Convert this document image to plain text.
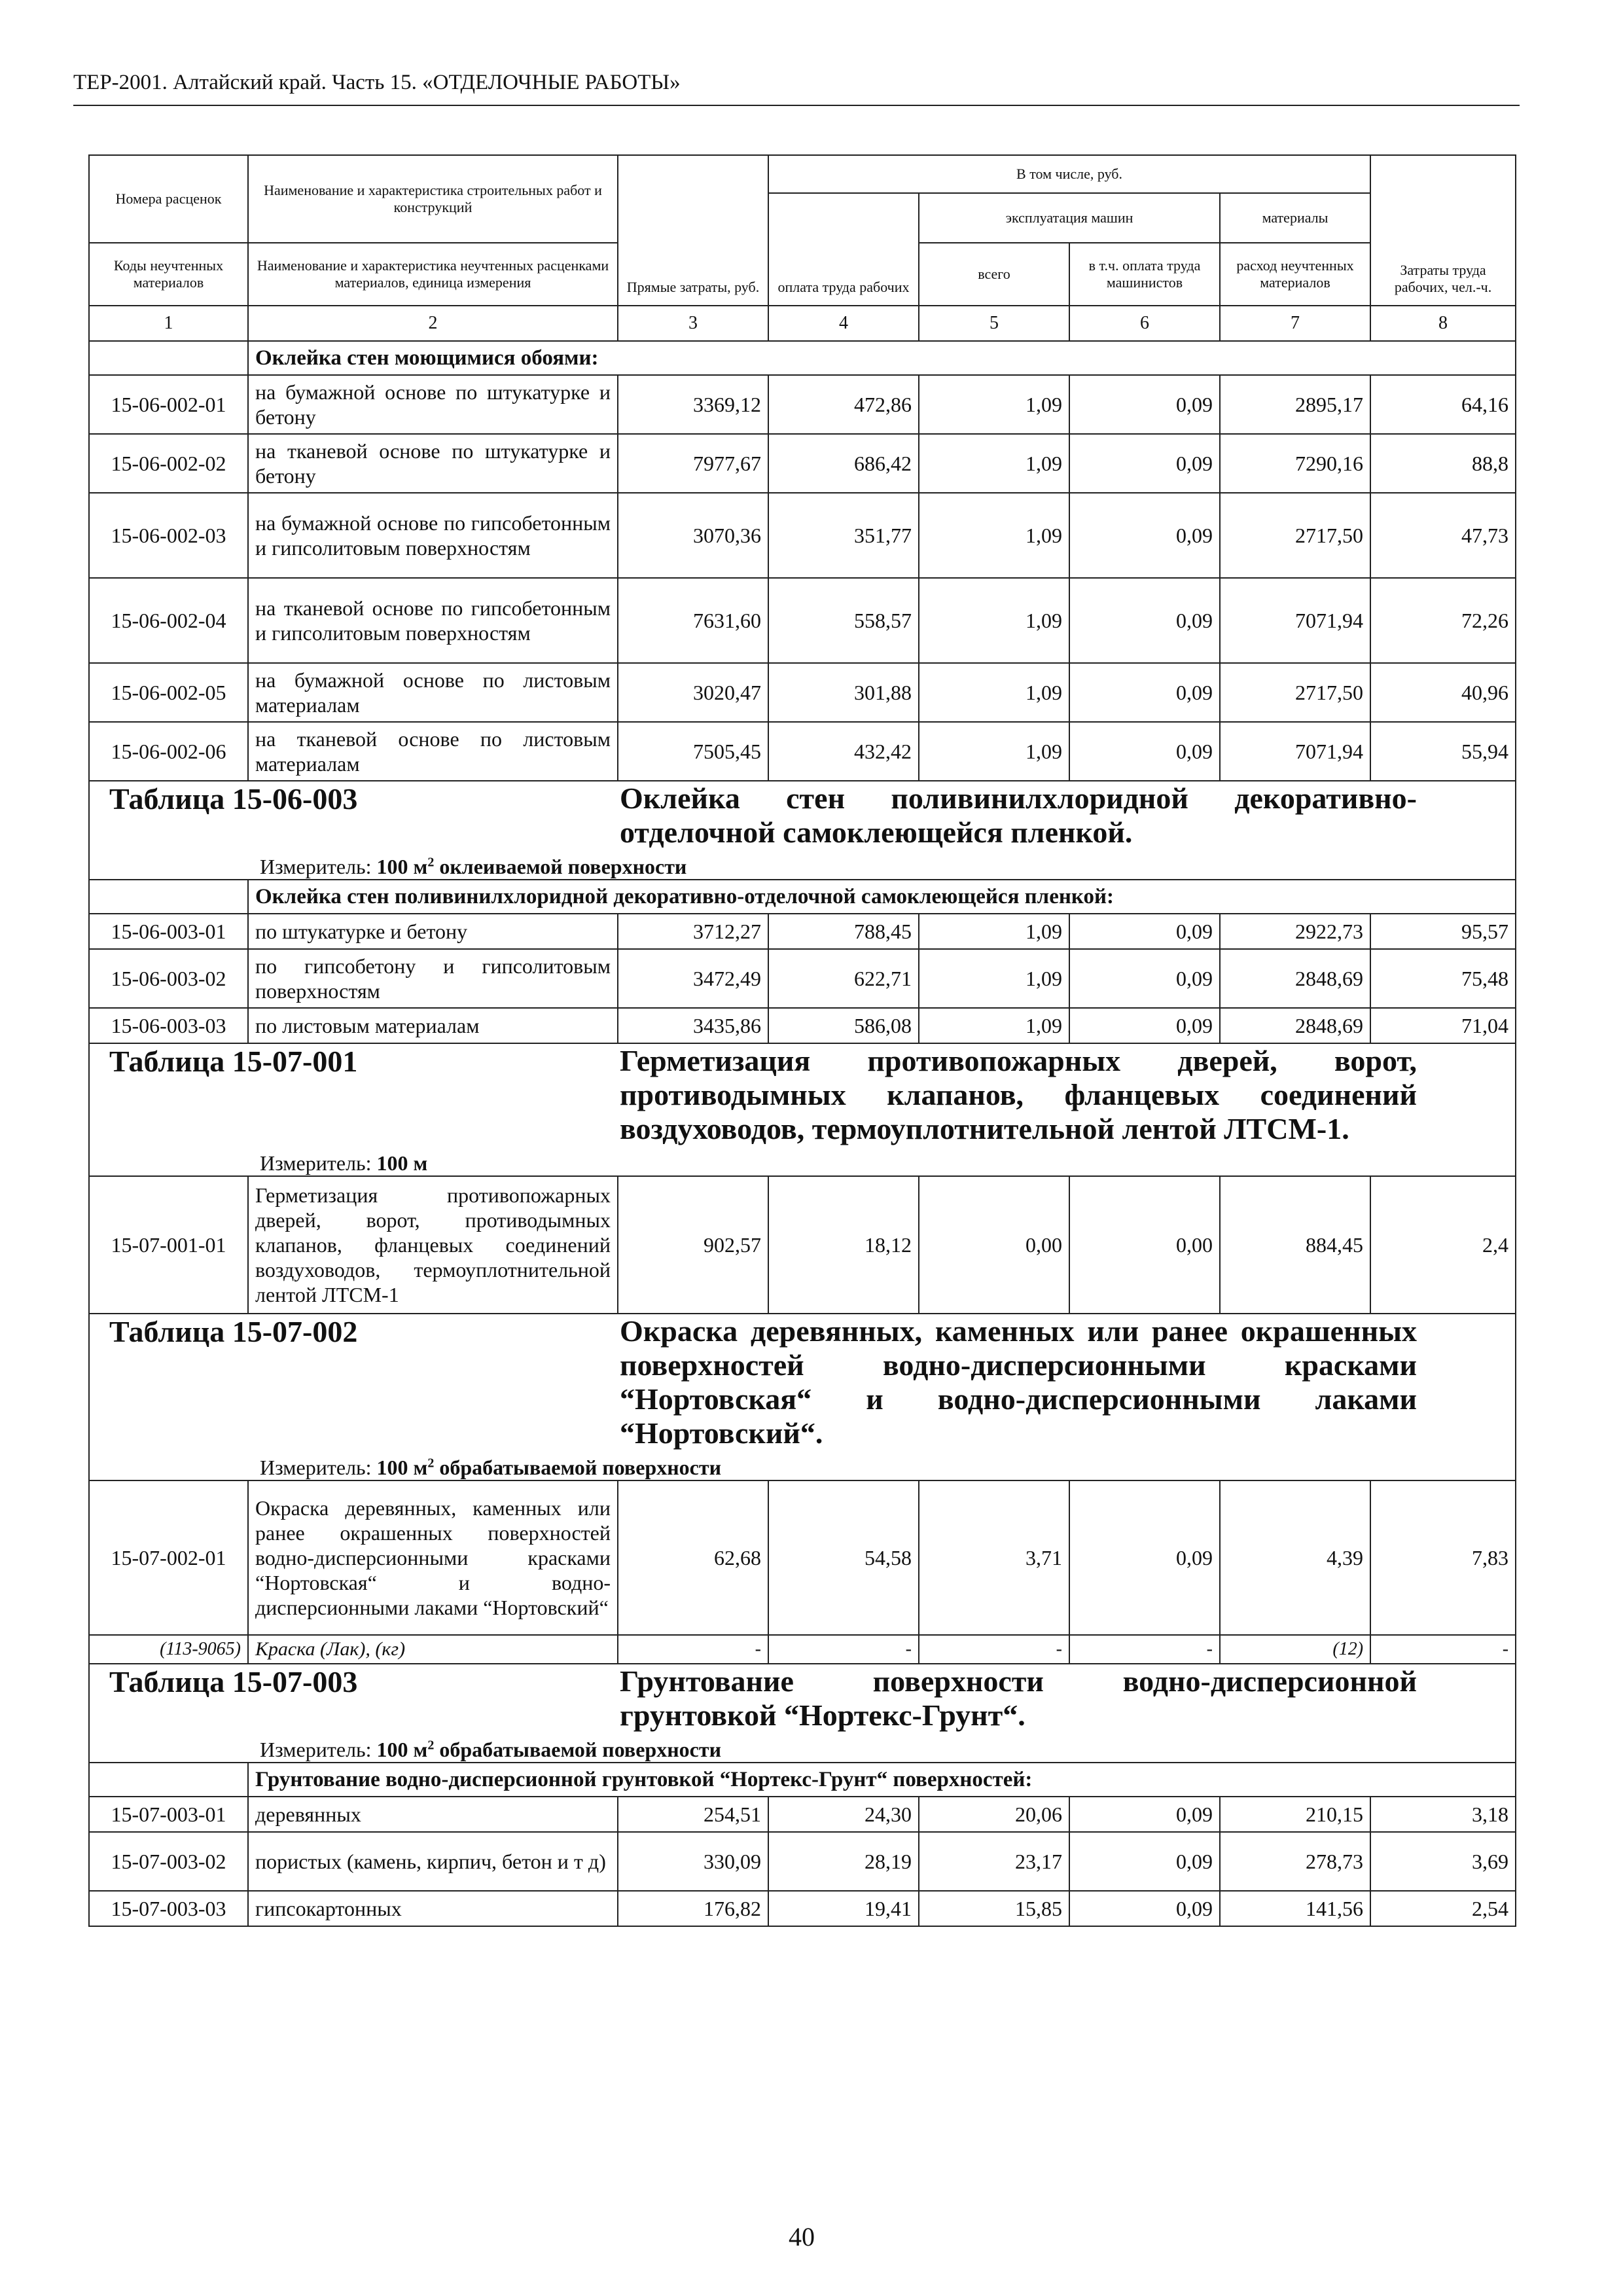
ТЕР-2001. Алтайский край. Часть 15. «ОТДЕЛОЧНЫЕ РАБОТЫ»
Номера расценок	Наименование и характеристика строительных работ и конструкций	Прямые затраты, руб.	В том числе, руб.				Затраты труда рабочих, чел.-ч.
			оплата труда рабочих	эксплуатация машин		материалы	
Коды неучтенных материалов	Наименование и характеристика неучтенных расценками материалов, единица измерения			всего	в т.ч. оплата труда машинистов	расход неучтенных материалов	
1	2	3	4	5	6	7	8
	Оклейка стен моющимися обоями:						
15-06-002-01	на бумажной основе по штукатурке и бетону	3369,12	472,86	1,09	0,09	2895,17	64,16
15-06-002-02	на тканевой основе по штукатурке и бетону	7977,67	686,42	1,09	0,09	7290,16	88,8
15-06-002-03	на бумажной основе по гипсобетонным и гипсолитовым поверхностям	3070,36	351,77	1,09	0,09	2717,50	47,73
15-06-002-04	на тканевой основе по гипсобетонным и гипсолитовым поверхностям	7631,60	558,57	1,09	0,09	7071,94	72,26
15-06-002-05	на бумажной основе по листовым материалам	3020,47	301,88	1,09	0,09	2717,50	40,96
15-06-002-06	на тканевой основе по листовым материалам	7505,45	432,42	1,09	0,09	7071,94	55,94

Таблица 15-06-003 Оклейка стен поливинилхлоридной декоративно-отделочной самоклеющейся пленкой.
Измеритель: 100 $м^2$ оклеиваемой поверхности							

	Оклейка стен поливинилхлоридной декоративно-отделочной самоклеющейся пленкой:						
15-06-003-01	по штукатурке и бетону	3712,27	788,45	1,09	0,09	2922,73	95,57
15-06-003-02	по гипсобетону и гипсолитовым поверхностям	3472,49	622,71	1,09	0,09	2848,69	75,48
15-06-003-03	по листовым материалам	3435,86	586,08	1,09	0,09	2848,69	71,04

Таблица 15-07-001 Герметизация противопожарных дверей, ворот, противодымных клапанов, фланцевых соединений воздуховодов, термоуплотнительной лентой ЛТСМ-1.
Измеритель: 100 м							

15-07-001-01	Герметизация противопожарных дверей, ворот, противодымных клапанов, фланцевых соединений воздуховодов, термоуплотнительной лентой ЛТСМ-1	902,57	18,12	0,00	0,00	884,45	2,4

Таблица 15-07-002 Окраска деревянных, каменных или ранее окрашенных поверхностей водно-дисперсионными красками “Нортовская“ и водно-дисперсионными лаками “Нортовский“.
Измеритель: 100 $м^2$ обрабатываемой поверхности							

15-07-002-01	Окраска деревянных, каменных или ранее окрашенных поверхностей водно-дисперсионными красками “Нортовская“ и водно-дисперсионными лаками “Нортовский“	62,68	54,58	3,71	0,09	4,39	7,83
(113-9065)	Краска (Лак), (кг)	-	-	-	-	(12)	-

Таблица 15-07-003 Грунтование поверхности водно-дисперсионной грунтовкой “Нортекс-Грунт“.
Измеритель: 100 $м^2$ обрабатываемой поверхности							

	Грунтование водно-дисперсионной грунтовкой “Нортекс-Грунт“ поверхностей:						
15-07-003-01	деревянных	254,51	24,30	20,06	0,09	210,15	3,18
15-07-003-02	пористых (камень, кирпич, бетон и т д)	330,09	28,19	23,17	0,09	278,73	3,69
15-07-003-03	гипсокартонных	176,82	19,41	15,85	0,09	141,56	2,54
40
